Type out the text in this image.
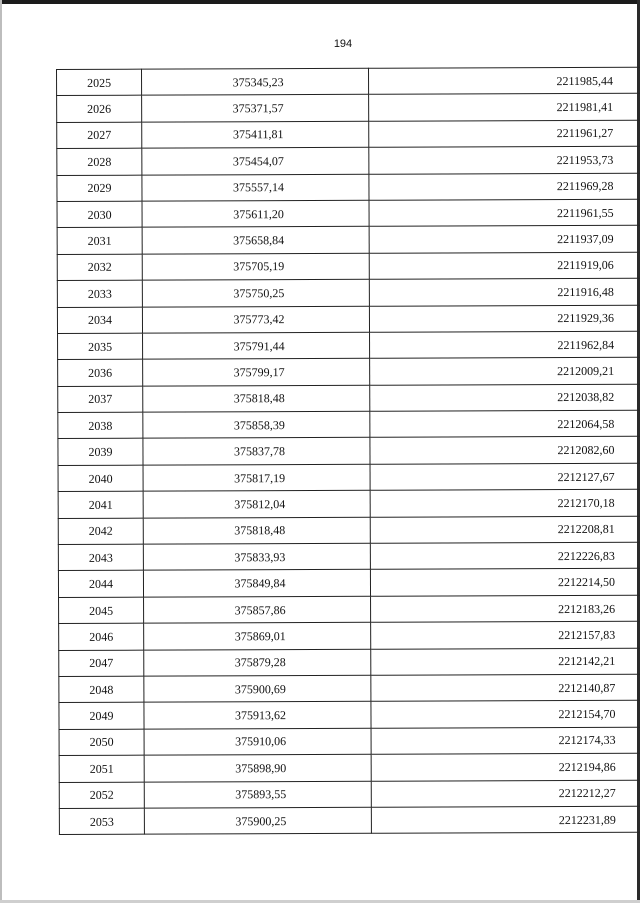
194
2025	375345,23	2211985,44
2026	375371,57	2211981,41
2027	375411,81	2211961,27
2028	375454,07	2211953,73
2029	375557,14	2211969,28
2030	375611,20	2211961,55
2031	375658,84	2211937,09
2032	375705,19	2211919,06
2033	375750,25	2211916,48
2034	375773,42	2211929,36
2035	375791,44	2211962,84
2036	375799,17	2212009,21
2037	375818,48	2212038,82
2038	375858,39	2212064,58
2039	375837,78	2212082,60
2040	375817,19	2212127,67
2041	375812,04	2212170,18
2042	375818,48	2212208,81
2043	375833,93	2212226,83
2044	375849,84	2212214,50
2045	375857,86	2212183,26
2046	375869,01	2212157,83
2047	375879,28	2212142,21
2048	375900,69	2212140,87
2049	375913,62	2212154,70
2050	375910,06	2212174,33
2051	375898,90	2212194,86
2052	375893,55	2212212,27
2053	375900,25	2212231,89
